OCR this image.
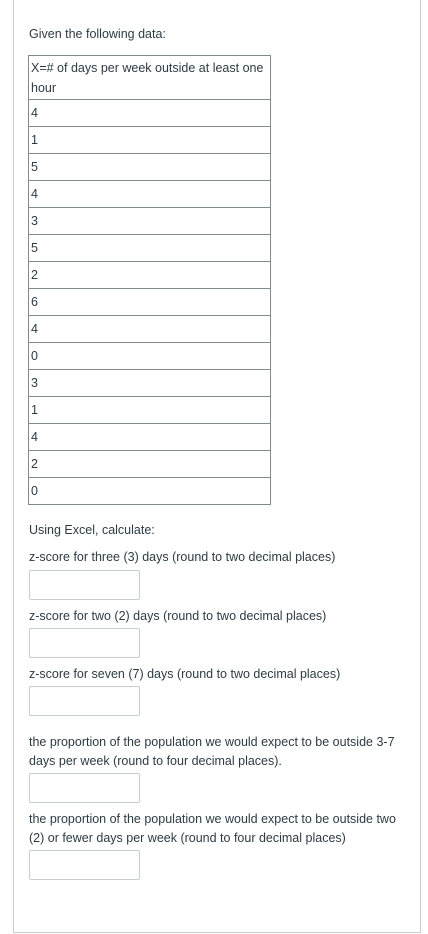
Given the following data:
X=# of days per week outside at least one hour
4
1
5
4
3
5
2
6
4
0
3
1
4
2
0
Using Excel, calculate:
z-score for three (3) days (round to two decimal places)
z-score for two (2) days (round to two decimal places)
z-score for seven (7) days (round to two decimal places)
the proportion of the population we would expect to be outside 3-7 days per week (round to four decimal places).
the proportion of the population we would expect to be outside two (2) or fewer days per week (round to four decimal places)
